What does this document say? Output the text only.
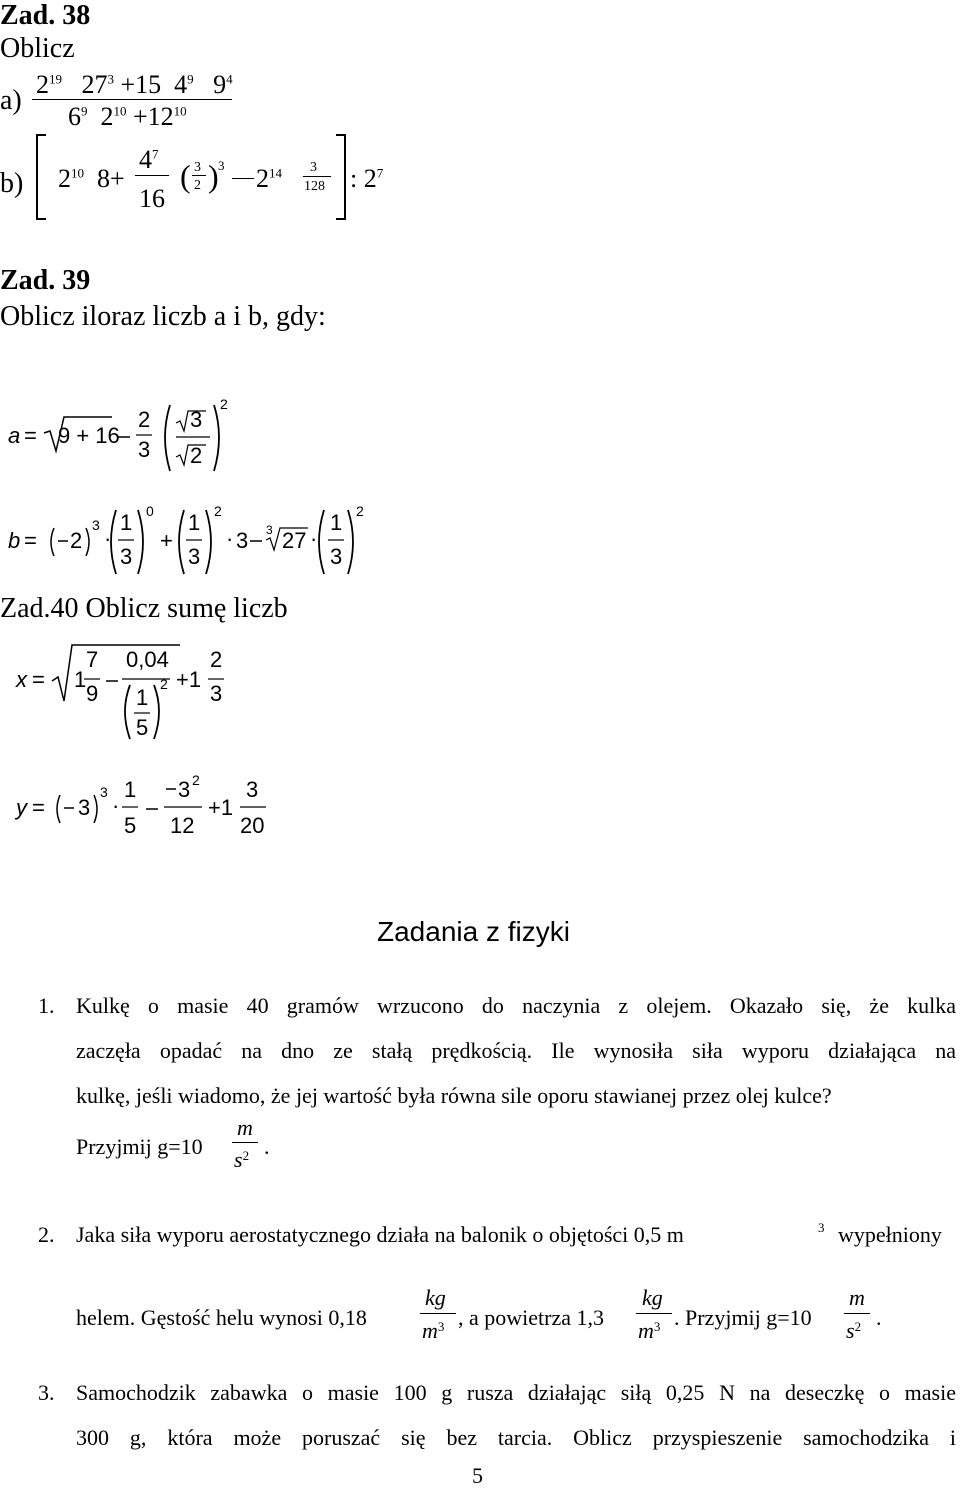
Zad. 38
Oblicz
a)
$2^{19}$   $27^3 +15$  $4^9$   $9^4$
$6^9$  $2^{10} +12^{10}$
b) $2^{10}$  8+
$4^7$
16
( 3
2 ) 3 $2^{14}$ 3
128 : $2^7$
Zad. 39
Oblicz iloraz liczb a i b, gdy:
a = 9 + 16
2
3
3
2
2
b = 2
3
·
1
3
0
+
1
3
2
· 3 3 27 ·
1
3
2
Zad.40 Oblicz sumę liczb
x = 1
7
9
0,04
1
5
2 +1
2
3
y = 3
3
·
1
5
3 2
12
+1
3
20
Zadania z fizyki
1. Kulkę o masie 40 gramów wrzucono do naczynia z olejem. Okazało się, że kulka
zaczęła opadać na dno ze stałą prędkością. Ile wynosiła siła wyporu działająca na
kulkę, jeśli wiadomo, że jej wartość była równa sile oporu stawianej przez olej kulce?
Przyjmij g=10
m
$s^2$ .
2. Jaka siła wyporu aerostatycznego działa na balonik o objętości 0,5 m	3 wypełniony
helem. Gęstość helu wynosi 0,18
kg
$m^3$ , a powietrza 1,3
kg
$m^3$ . Przyjmij g=10
m
$s^2$ .
3. Samochodzik zabawka o masie 100 g rusza działając siłą 0,25 N na deseczkę o masie
300 g, która może poruszać się bez tarcia. Oblicz przyspieszenie samochodzika i
5
